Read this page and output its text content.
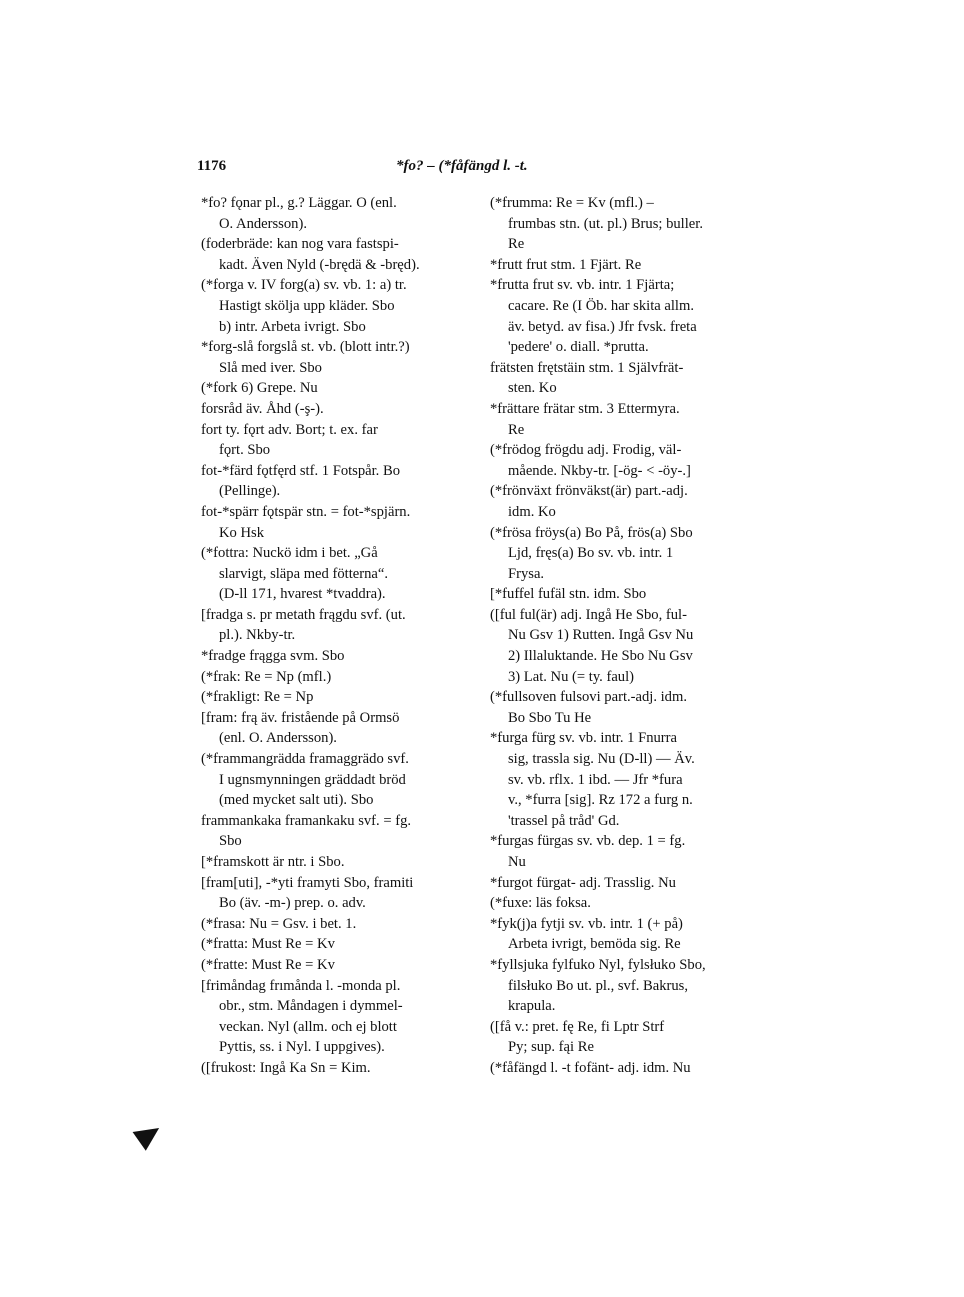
1176	*fo? – (*fåfängd l. -t.
*fo? fǫnar pl., g.? Läggar. O (enl.
O. Andersson).
(foderbräde: kan nog vara fastspi-
kadt. Även Nyld (-brędä & -bręd).
(*forga v. IV forg(a) sv. vb. 1: a) tr.
Hastigt skölja upp kläder. Sbo
b) intr. Arbeta ivrigt. Sbo
*forg-slå forgslå st. vb. (blott intr.?)
Slå med iver. Sbo
(*fork 6) Grepe. Nu
forsråd äv. Åhd (-ş-).
fort ty. fǫrt adv. Bort; t. ex. far
fǫrt. Sbo
fot-*färd fǫtfęrd stf. 1 Fotspår. Bo
(Pellinge).
fot-*spärr fǫtspär stn. = fot-*spjärn.
Ko Hsk
(*fottra: Nuckö idm i bet. „Gå
slarvigt, släpa med fötterna“.
(D-ll 171, hvarest *tvaddra).
[fradga s. pr metath frągdu svf. (ut.
pl.). Nkby-tr.
*fradge frągga svm. Sbo
(*frak: Re = Np (mfl.)
(*frakligt: Re = Np
[fram: frą äv. fristående på Ormsö
(enl. O. Andersson).
(*frammangrädda framaggrädo svf.
I ugnsmynningen gräddadt bröd
(med mycket salt uti). Sbo
frammankaka framankaku svf. = fg.
Sbo
[*framskott är ntr. i Sbo.
[fram[uti], -*yti framyti Sbo, framiti
Bo (äv. -m-) prep. o. adv.
(*frasa: Nu = Gsv. i bet. 1.
(*fratta: Must Re = Kv
(*fratte: Must Re = Kv
[frimåndag frımånda l. -monda pl.
obr., stm. Måndagen i dymmel-
veckan. Nyl (allm. och ej blott
Pyttis, ss. i Nyl. I uppgives).
([frukost: Ingå Ka Sn = Kim.
(*frumma: Re = Kv (mfl.) –
frumbas stn. (ut. pl.) Brus; buller.
Re
*frutt frut stm. 1 Fjärt. Re
*frutta frut sv. vb. intr. 1 Fjärta;
cacare. Re (I Öb. har skita allm.
äv. betyd. av fisa.) Jfr fvsk. freta
'pedere' o. diall. *prutta.
frätsten frętstäin stm. 1 Självfrät-
sten. Ko
*frättare frätar stm. 3 Ettermyra.
Re
(*frödog frögdu adj. Frodig, väl-
mående. Nkby-tr. [-ög- < -öy-.]
(*frönväxt frönväkst(är) part.-adj.
idm. Ko
(*frösa fröys(a) Bo På, frös(a) Sbo
Ljd, fręs(a) Bo sv. vb. intr. 1
Frysa.
[*fuffel fufäl stn. idm. Sbo
([ful ful(är) adj. Ingå He Sbo, ful-
Nu Gsv 1) Rutten. Ingå Gsv Nu
2) Illaluktande. He Sbo Nu Gsv
3) Lat. Nu (= ty. faul)
(*fullsoven fulsovi part.-adj. idm.
Bo Sbo Tu He
*furga fürg sv. vb. intr. 1 Fnurra
sig, trassla sig. Nu (D-ll) — Äv.
sv. vb. rflx. 1 ibd. — Jfr *fura
v., *furra [sig]. Rz 172 a furg n.
'trassel på tråd' Gd.
*furgas fürgas sv. vb. dep. 1 = fg.
Nu
*furgot fürgat- adj. Trasslig. Nu
(*fuxe: läs foksa.
*fyk(j)a fytji sv. vb. intr. 1 (+ på)
Arbeta ivrigt, bemöda sig. Re
*fyllsjuka fylfuko Nyl, fylsłuko Sbo,
filsłuko Bo ut. pl., svf. Bakrus,
krapula.
([få v.: pret. fę Re, fi Lptr Strf
Py; sup. fąi Re
(*fåfängd l. -t fofänt- adj. idm. Nu
